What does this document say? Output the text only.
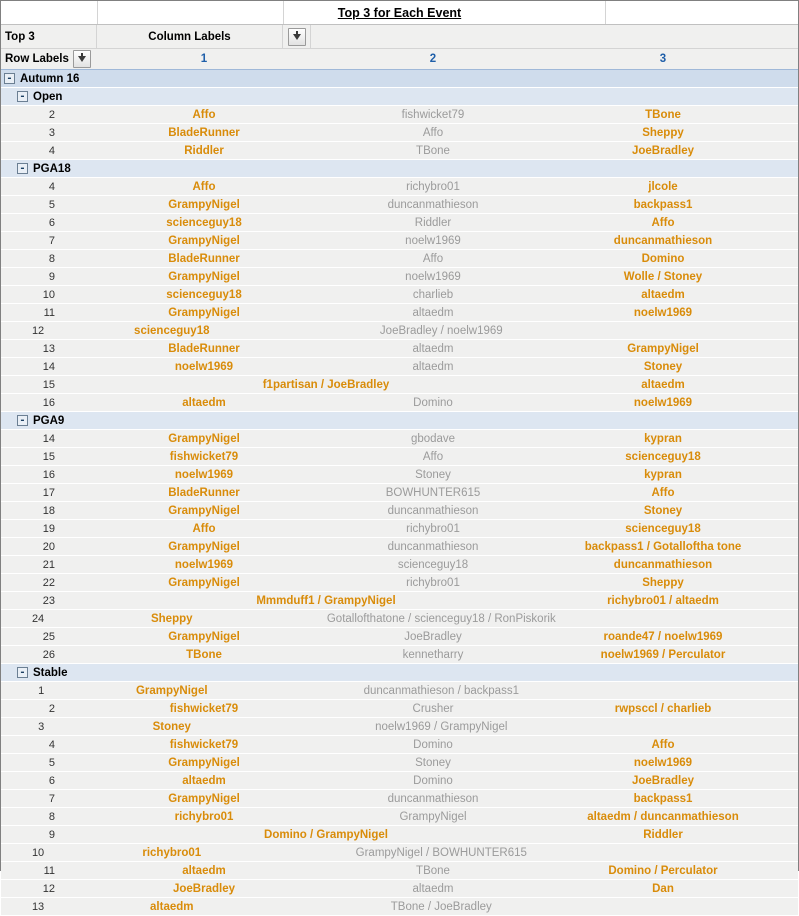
Top 3 for Each Event
Top 3	Column Labels
Row Labels	1	2	3
- Autumn 16
- Open
2	Affo	fishwicket79	TBone
3	BladeRunner	Affo	Sheppy
4	Riddler	TBone	JoeBradley
- PGA18
4	Affo	richybro01	jlcole
5	GrampyNigel	duncanmathieson	backpass1
6	scienceguy18	Riddler	Affo
7	GrampyNigel	noelw1969	duncanmathieson
8	BladeRunner	Affo	Domino
9	GrampyNigel	noelw1969	Wolle / Stoney
10	scienceguy18	charlieb	altaedm
11	GrampyNigel	altaedm	noelw1969
12	scienceguy18	JoeBradley / noelw1969
13	BladeRunner	altaedm	GrampyNigel
14	noelw1969	altaedm	Stoney
15	f1partisan / JoeBradley	altaedm
16	altaedm	Domino	noelw1969
- PGA9
14	GrampyNigel	gbodave	kypran
15	fishwicket79	Affo	scienceguy18
16	noelw1969	Stoney	kypran
17	BladeRunner	BOWHUNTER615	Affo
18	GrampyNigel	duncanmathieson	Stoney
19	Affo	richybro01	scienceguy18
20	GrampyNigel	duncanmathieson	backpass1 / Gotalloftha tone
21	noelw1969	scienceguy18	duncanmathieson
22	GrampyNigel	richybro01	Sheppy
23	Mmmduff1 / GrampyNigel	richybro01 / altaedm
24	Sheppy	Gotallofthatone / scienceguy18 / RonPiskorik
25	GrampyNigel	JoeBradley	roande47 / noelw1969
26	TBone	kennetharry	noelw1969 / Perculator
- Stable
1	GrampyNigel	duncanmathieson / backpass1
2	fishwicket79	Crusher	rwpsccl / charlieb
3	Stoney	noelw1969 / GrampyNigel
4	fishwicket79	Domino	Affo
5	GrampyNigel	Stoney	noelw1969
6	altaedm	Domino	JoeBradley
7	GrampyNigel	duncanmathieson	backpass1
8	richybro01	GrampyNigel	altaedm / duncanmathieson
9	Domino / GrampyNigel	Riddler
10	richybro01	GrampyNigel / BOWHUNTER615
11	altaedm	TBone	Domino / Perculator
12	JoeBradley	altaedm	Dan
13	altaedm	TBone / JoeBradley
